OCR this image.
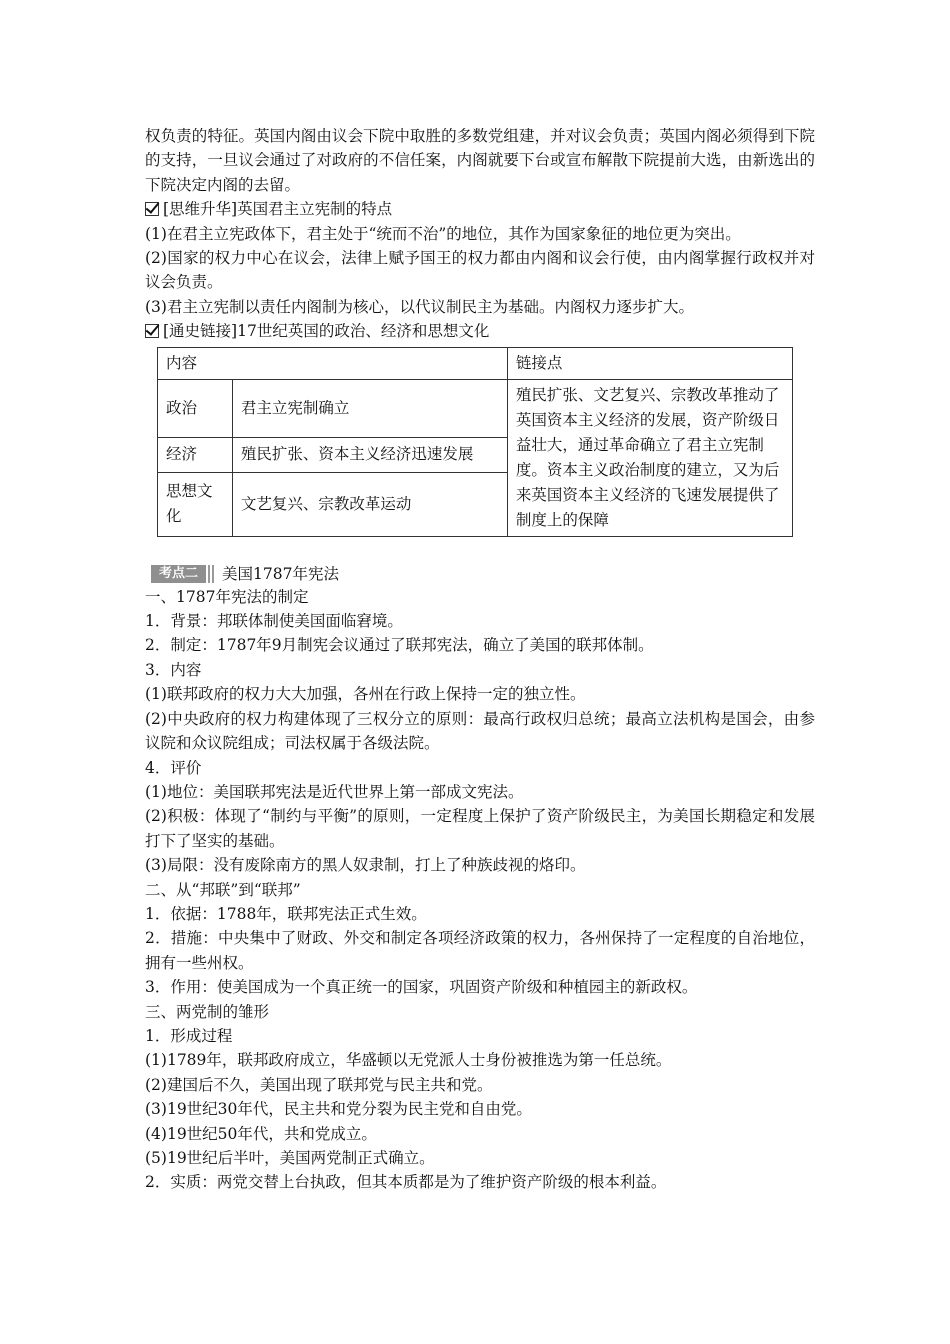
权负责的特征。英国内阁由议会下院中取胜的多数党组建，并对议会负责；英国内阁必须得到下院的支持，一旦议会通过了对政府的不信任案，内阁就要下台或宣布解散下院提前大选，由新选出的下院决定内阁的去留。

[思维升华]英国君主立宪制的特点

(1)在君主立宪政体下，君主处于“统而不治”的地位，其作为国家象征的地位更为突出。

(2)国家的权力中心在议会，法律上赋予国王的权力都由内阁和议会行使，由内阁掌握行政权并对议会负责。

(3)君主立宪制以责任内阁制为核心，以代议制民主为基础。内阁权力逐步扩大。

[通史链接]17世纪英国的政治、经济和思想文化
内容		链接点
政治	君主立宪制确立	殖民扩张、文艺复兴、宗教改革推动了英国资本主义经济的发展，资产阶级日益壮大，通过革命确立了君主立宪制度。资本主义政治制度的建立，又为后来英国资本主义经济的飞速发展提供了制度上的保障
经济	殖民扩张、资本主义经济迅速发展	
思想文化	文艺复兴、宗教改革运动	
考点二	美国1787年宪法

一、1787年宪法的制定

1．背景：邦联体制使美国面临窘境。

2．制定：1787年9月制宪会议通过了联邦宪法，确立了美国的联邦体制。

3．内容

(1)联邦政府的权力大大加强，各州在行政上保持一定的独立性。

(2)中央政府的权力构建体现了三权分立的原则：最高行政权归总统；最高立法机构是国会，由参议院和众议院组成；司法权属于各级法院。

4．评价

(1)地位：美国联邦宪法是近代世界上第一部成文宪法。

(2)积极：体现了“制约与平衡”的原则，一定程度上保护了资产阶级民主，为美国长期稳定和发展打下了坚实的基础。

(3)局限：没有废除南方的黑人奴隶制，打上了种族歧视的烙印。

二、从“邦联”到“联邦”

1．依据：1788年，联邦宪法正式生效。

2．措施：中央集中了财政、外交和制定各项经济政策的权力，各州保持了一定程度的自治地位，拥有一些州权。

3．作用：使美国成为一个真正统一的国家，巩固资产阶级和种植园主的新政权。

三、两党制的雏形

1．形成过程

(1)1789年，联邦政府成立，华盛顿以无党派人士身份被推选为第一任总统。

(2)建国后不久，美国出现了联邦党与民主共和党。

(3)19世纪30年代，民主共和党分裂为民主党和自由党。

(4)19世纪50年代，共和党成立。

(5)19世纪后半叶，美国两党制正式确立。

2．实质：两党交替上台执政，但其本质都是为了维护资产阶级的根本利益。
